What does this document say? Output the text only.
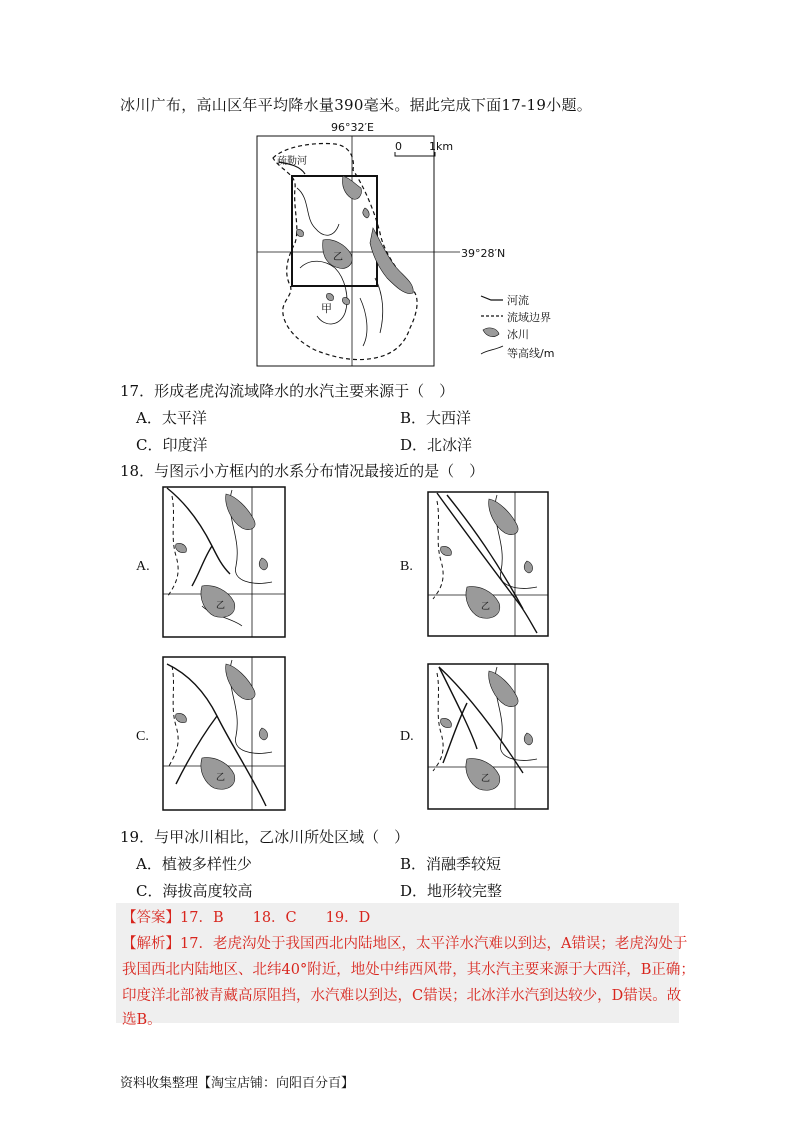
冰川广布，高山区年平均降水量390毫米。据此完成下面17-19小题。
96°32′E
39°28′N
0 1km
疏勒河
甲
乙
河流
流域边界
冰川
等高线/m
17．形成老虎沟流域降水的水汽主要来源于（　）
A．太平洋	B．大西洋
C．印度洋	D．北冰洋
18．与图示小方框内的水系分布情况最接近的是（　）
A.	B.
C.	D.
乙	乙
乙	乙
19．与甲冰川相比，乙冰川所处区域（　）
A．植被多样性少	B．消融季较短
C．海拔高度较高	D．地形较完整
【答案】17．B　　18．C　　19．D
【解析】17．老虎沟处于我国西北内陆地区，太平洋水汽难以到达，A错误；老虎沟处于
我国西北内陆地区、北纬40°附近，地处中纬西风带，其水汽主要来源于大西洋，B正确；
印度洋北部被青藏高原阻挡，水汽难以到达，C错误；北冰洋水汽到达较少，D错误。故
选B。
资料收集整理【淘宝店铺：向阳百分百】
